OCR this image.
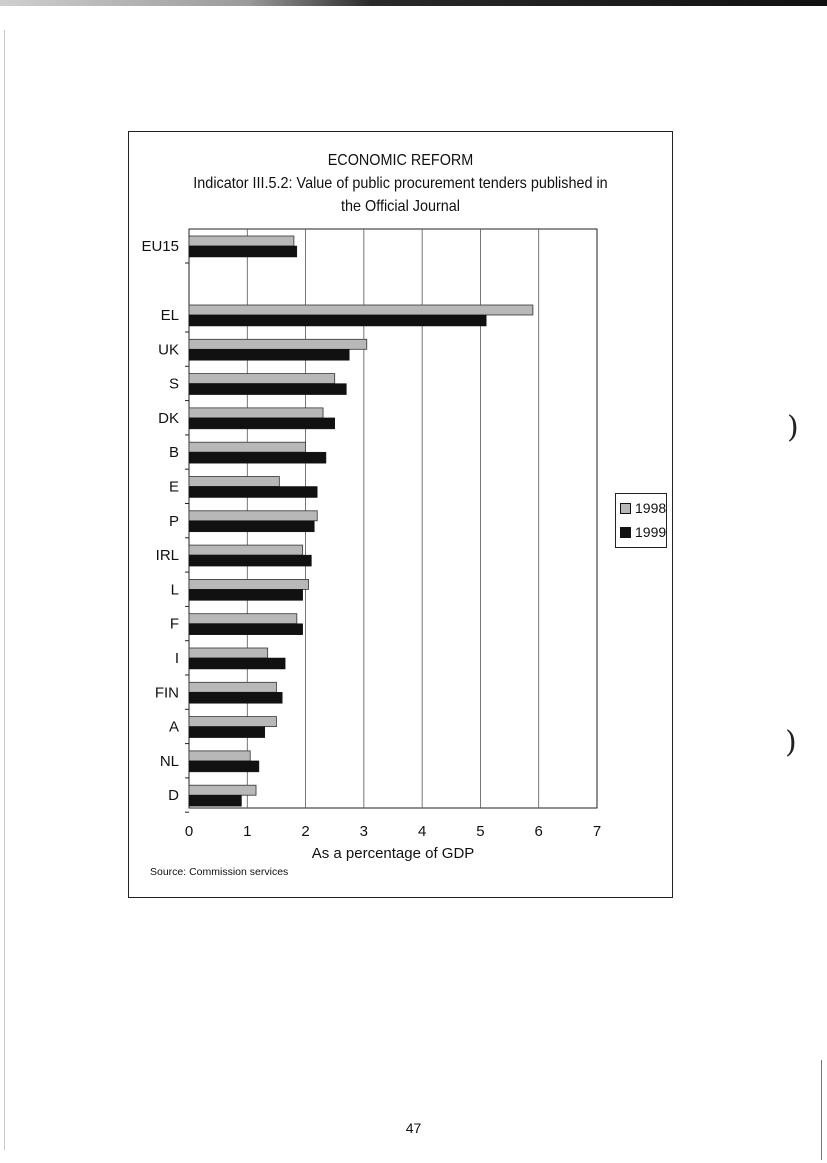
)
)
ECONOMIC REFORM
Indicator III.5.2: Value of public procurement tenders published in
the Official Journal
0	1	2	3	4	5	6	7
As a percentage of GDP
EU15
EL
UK
S
DK
B
E
P
IRL
L
F
I
FIN
A
NL
D
1998
1999
Source: Commission services
47
